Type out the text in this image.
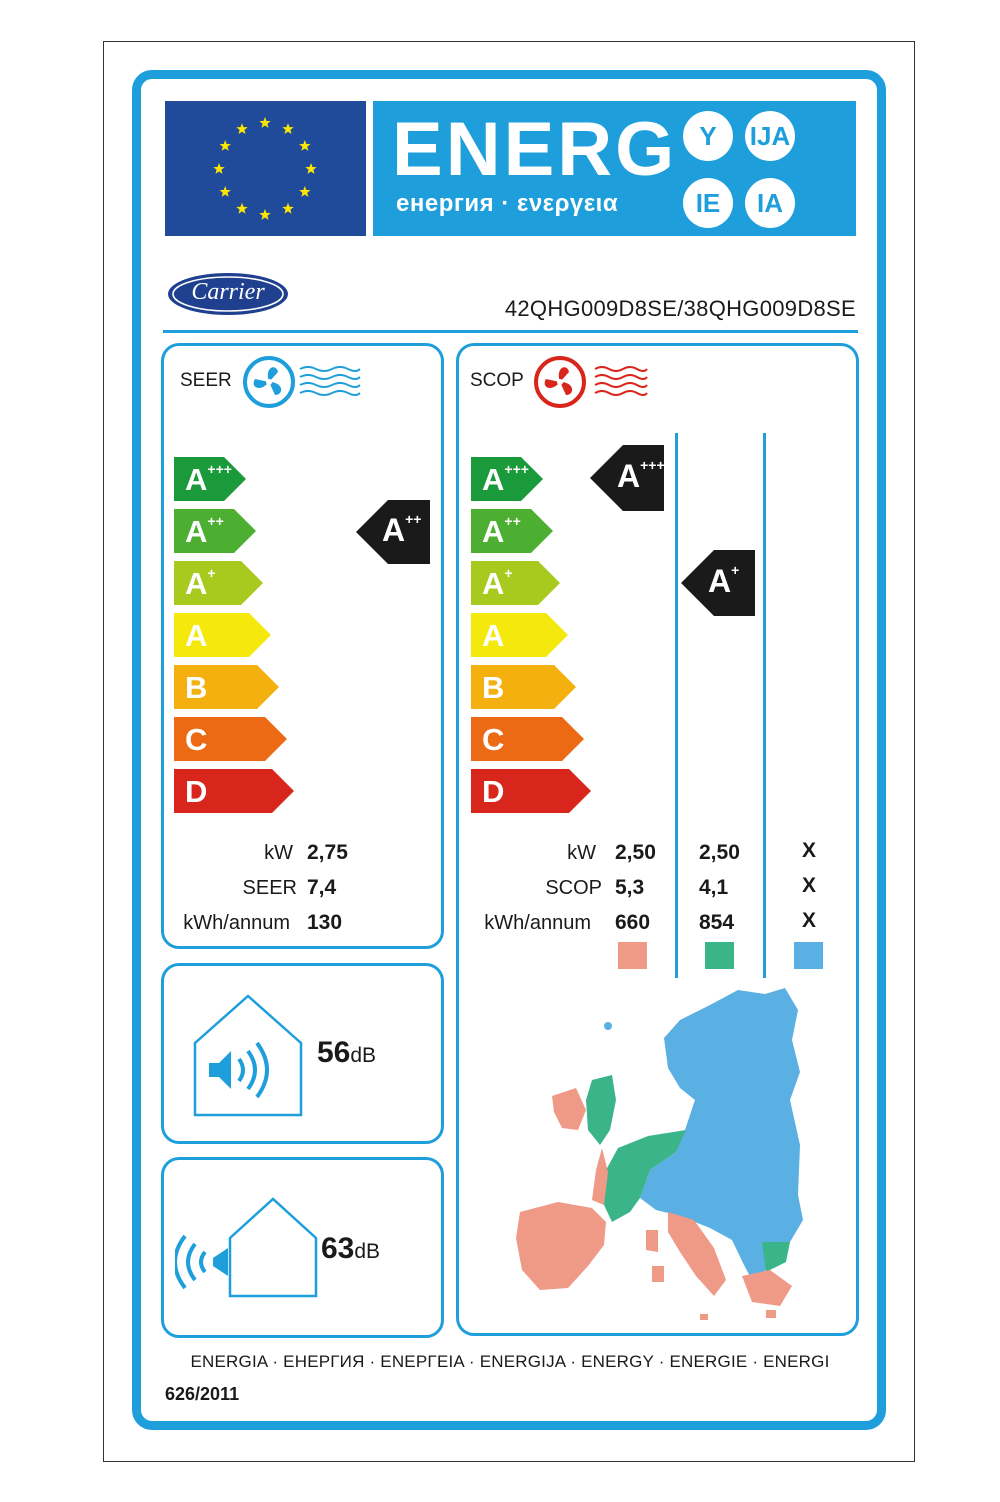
ENERG
енергия · ενεργεια
Y	IJA
IE	IA
Carrier
42QHG009D8SE/38QHG009D8SE
SEER
A+++
A++
A+
A
B
C
D
A++
kW 2,75
SEER 7,4
kWh/annum 130
SCOP
A+++
A++
A+
A
B
C
D
A+++
A+
kW
SCOP
kWh/annum
2,50
5,3
660
2,50
4,1
854
X
X
X
56dB
63dB
ENERGIA · ЕНЕРГИЯ · ΕΝΕΡΓΕΙΑ · ENERGIJA · ENERGY · ENERGIE · ENERGI
626/2011
